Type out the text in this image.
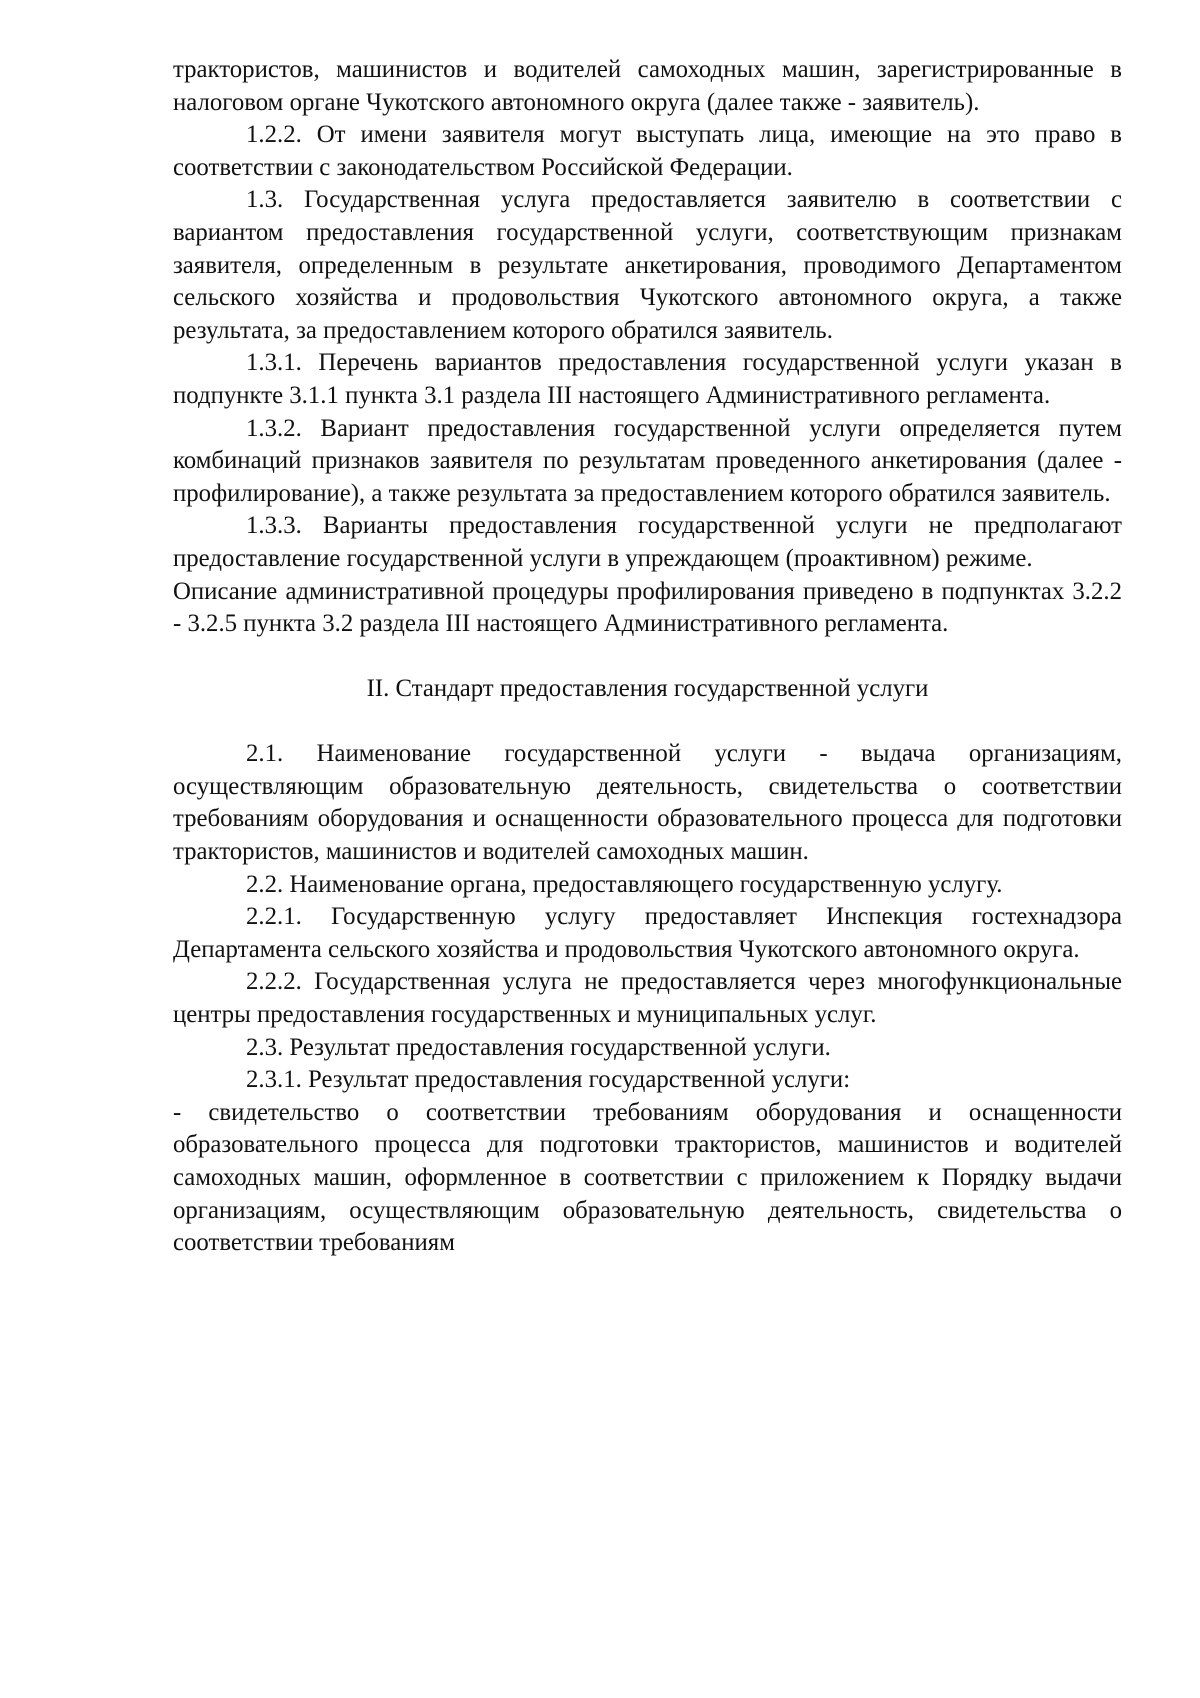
трактористов, машинистов и водителей самоходных машин, зарегистрированные в налоговом органе Чукотского автономного округа (далее также - заявитель).

1.2.2. От имени заявителя могут выступать лица, имеющие на это право в соответствии с законодательством Российской Федерации.

1.3. Государственная услуга предоставляется заявителю в соответствии с вариантом предоставления государственной услуги, соответствующим признакам заявителя, определенным в результате анкетирования, проводимого Департаментом сельского хозяйства и продовольствия Чукотского автономного округа, а также результата, за предоставлением которого обратился заявитель.

1.3.1. Перечень вариантов предоставления государственной услуги указан в подпункте 3.1.1 пункта 3.1 раздела III настоящего Административного регламента.

1.3.2. Вариант предоставления государственной услуги определяется путем комбинаций признаков заявителя по результатам проведенного анкетирования (далее - профилирование), а также результата за предоставлением которого обратился заявитель.

1.3.3. Варианты предоставления государственной услуги не предполагают предоставление государственной услуги в упреждающем (проактивном) режиме.

Описание административной процедуры профилирования приведено в подпунктах 3.2.2 - 3.2.5 пункта 3.2 раздела III настоящего Административного регламента.

II. Стандарт предоставления государственной услуги

2.1. Наименование государственной услуги - выдача организациям, осуществляющим образовательную деятельность, свидетельства о соответствии требованиям оборудования и оснащенности образовательного процесса для подготовки трактористов, машинистов и водителей самоходных машин.

2.2. Наименование органа, предоставляющего государственную услугу.

2.2.1. Государственную услугу предоставляет Инспекция гостехнадзора Департамента сельского хозяйства и продовольствия Чукотского автономного округа.

2.2.2. Государственная услуга не предоставляется через многофункциональные центры предоставления государственных и муниципальных услуг.

2.3. Результат предоставления государственной услуги.

2.3.1. Результат предоставления государственной услуги:

- свидетельство о соответствии требованиям оборудования и оснащенности образовательного процесса для подготовки трактористов, машинистов и водителей самоходных машин, оформленное в соответствии с приложением к Порядку выдачи организациям, осуществляющим образовательную деятельность, свидетельства о соответствии требованиям
